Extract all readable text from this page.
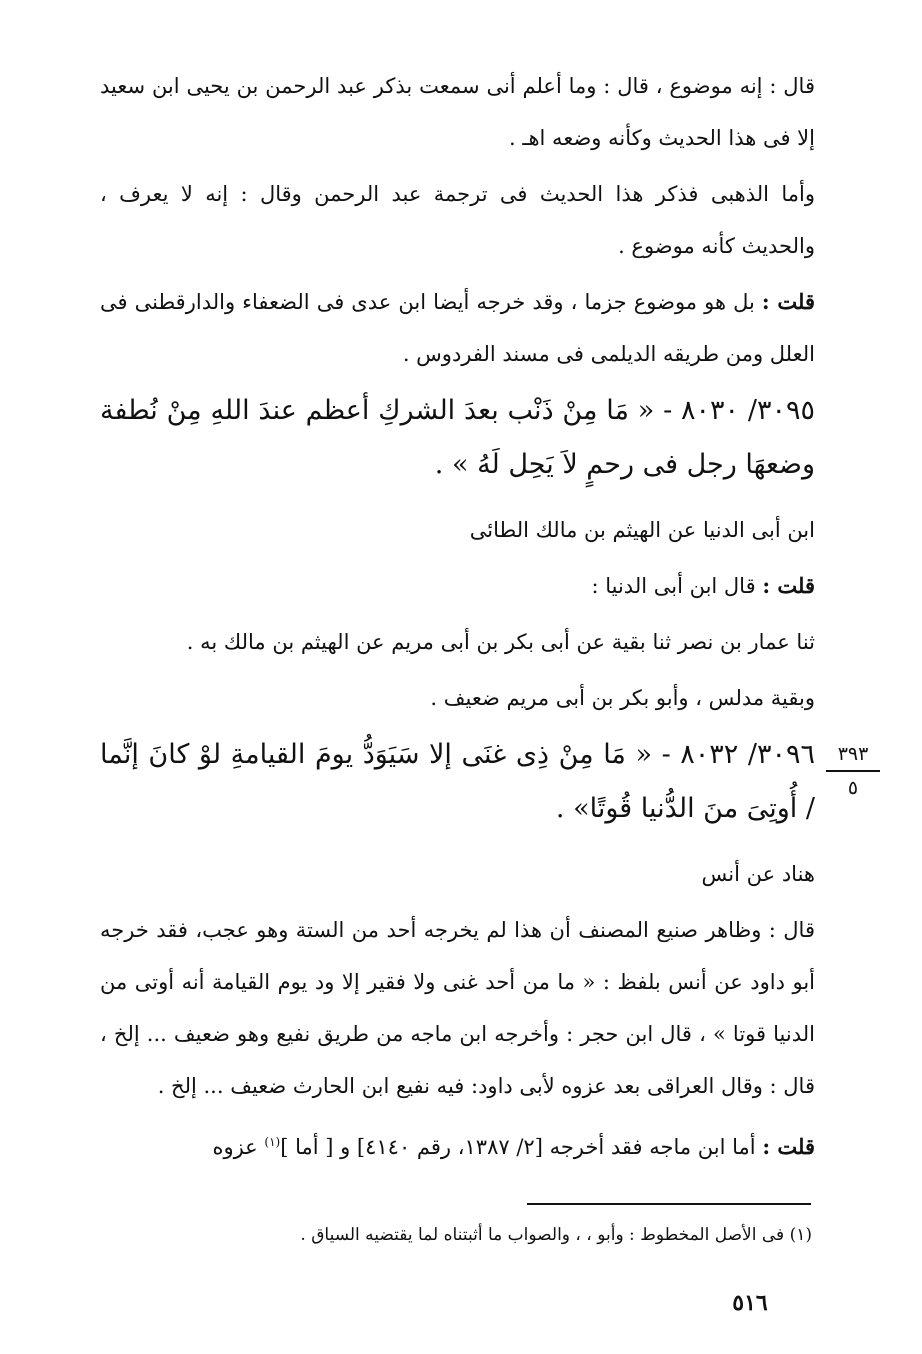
قال : إنه موضوع ، قال : وما أعلم أنى سمعت بذكر عبد الرحمن بن يحيى ابن سعيد إلا فى هذا الحديث وكأنه وضعه اهـ .

وأما الذهبى فذكر هذا الحديث فى ترجمة عبد الرحمن وقال : إنه لا يعرف ، والحديث كأنه موضوع .

قلت : بل هو موضوع جزما ، وقد خرجه أيضا ابن عدى فى الضعفاء والدارقطنى فى العلل ومن طريقه الديلمى فى مسند الفردوس .

٣٠٩٥/ ٨٠٣٠ - « مَا مِنْ ذَنْب بعدَ الشركِ أعظم عندَ اللهِ مِنْ نُطفة وضعهَا رجل فى رحمٍ لاَ يَحِل لَهُ » .

ابن أبى الدنيا عن الهيثم بن مالك الطائى

قلت : قال ابن أبى الدنيا :

ثنا عمار بن نصر ثنا بقية عن أبى بكر بن أبى مريم عن الهيثم بن مالك به .

وبقية مدلس ، وأبو بكر بن أبى مريم ضعيف .

٣٠٩٦/ ٨٠٣٢ - « مَا مِنْ ذِى غنَى إلا سَيَوَدُّ يومَ القيامةِ لوْ كانَ إنَّما / أُوتِىَ منَ الدُّنيا قُوتًا» .

هناد عن أنس

قال : وظاهر صنيع المصنف أن هذا لم يخرجه أحد من الستة وهو عجب، فقد خرجه أبو داود عن أنس بلفظ : « ما من أحد غنى ولا فقير إلا ود يوم القيامة أنه أوتى من الدنيا قوتا » ، قال ابن حجر : وأخرجه ابن ماجه من طريق نفيع وهو ضعيف ... إلخ ، قال : وقال العراقى بعد عزوه لأبى داود: فيه نفيع ابن الحارث ضعيف ... إلخ .

قلت : أما ابن ماجه فقد أخرجه [٢/ ١٣٨٧، رقم ٤١٤٠] و [ أما ]$^{(١)}$ عزوه

٣٩٣
٥
(١) فى الأصل المخطوط : وأبو ، ، والصواب ما أثبتناه لما يقتضيه السياق .
٥١٦
